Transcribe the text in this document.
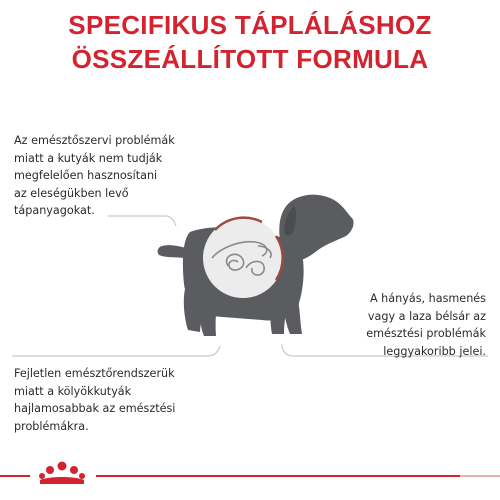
SPECIFIKUS TÁPLÁLÁSHOZ
ÖSSZEÁLLÍTOTT FORMULA
Az emésztőszervi problémák
miatt a kutyák nem tudják
megfelelően hasznosítani
az eleségükben levő
tápanyagokat.
A hányás, hasmenés
vagy a laza bélsár az
emésztési problémák
leggyakoribb jelei.
Fejletlen emésztőrendszerük
miatt a kölyökkutyák
hajlamosabbak az emésztési
problémákra.
